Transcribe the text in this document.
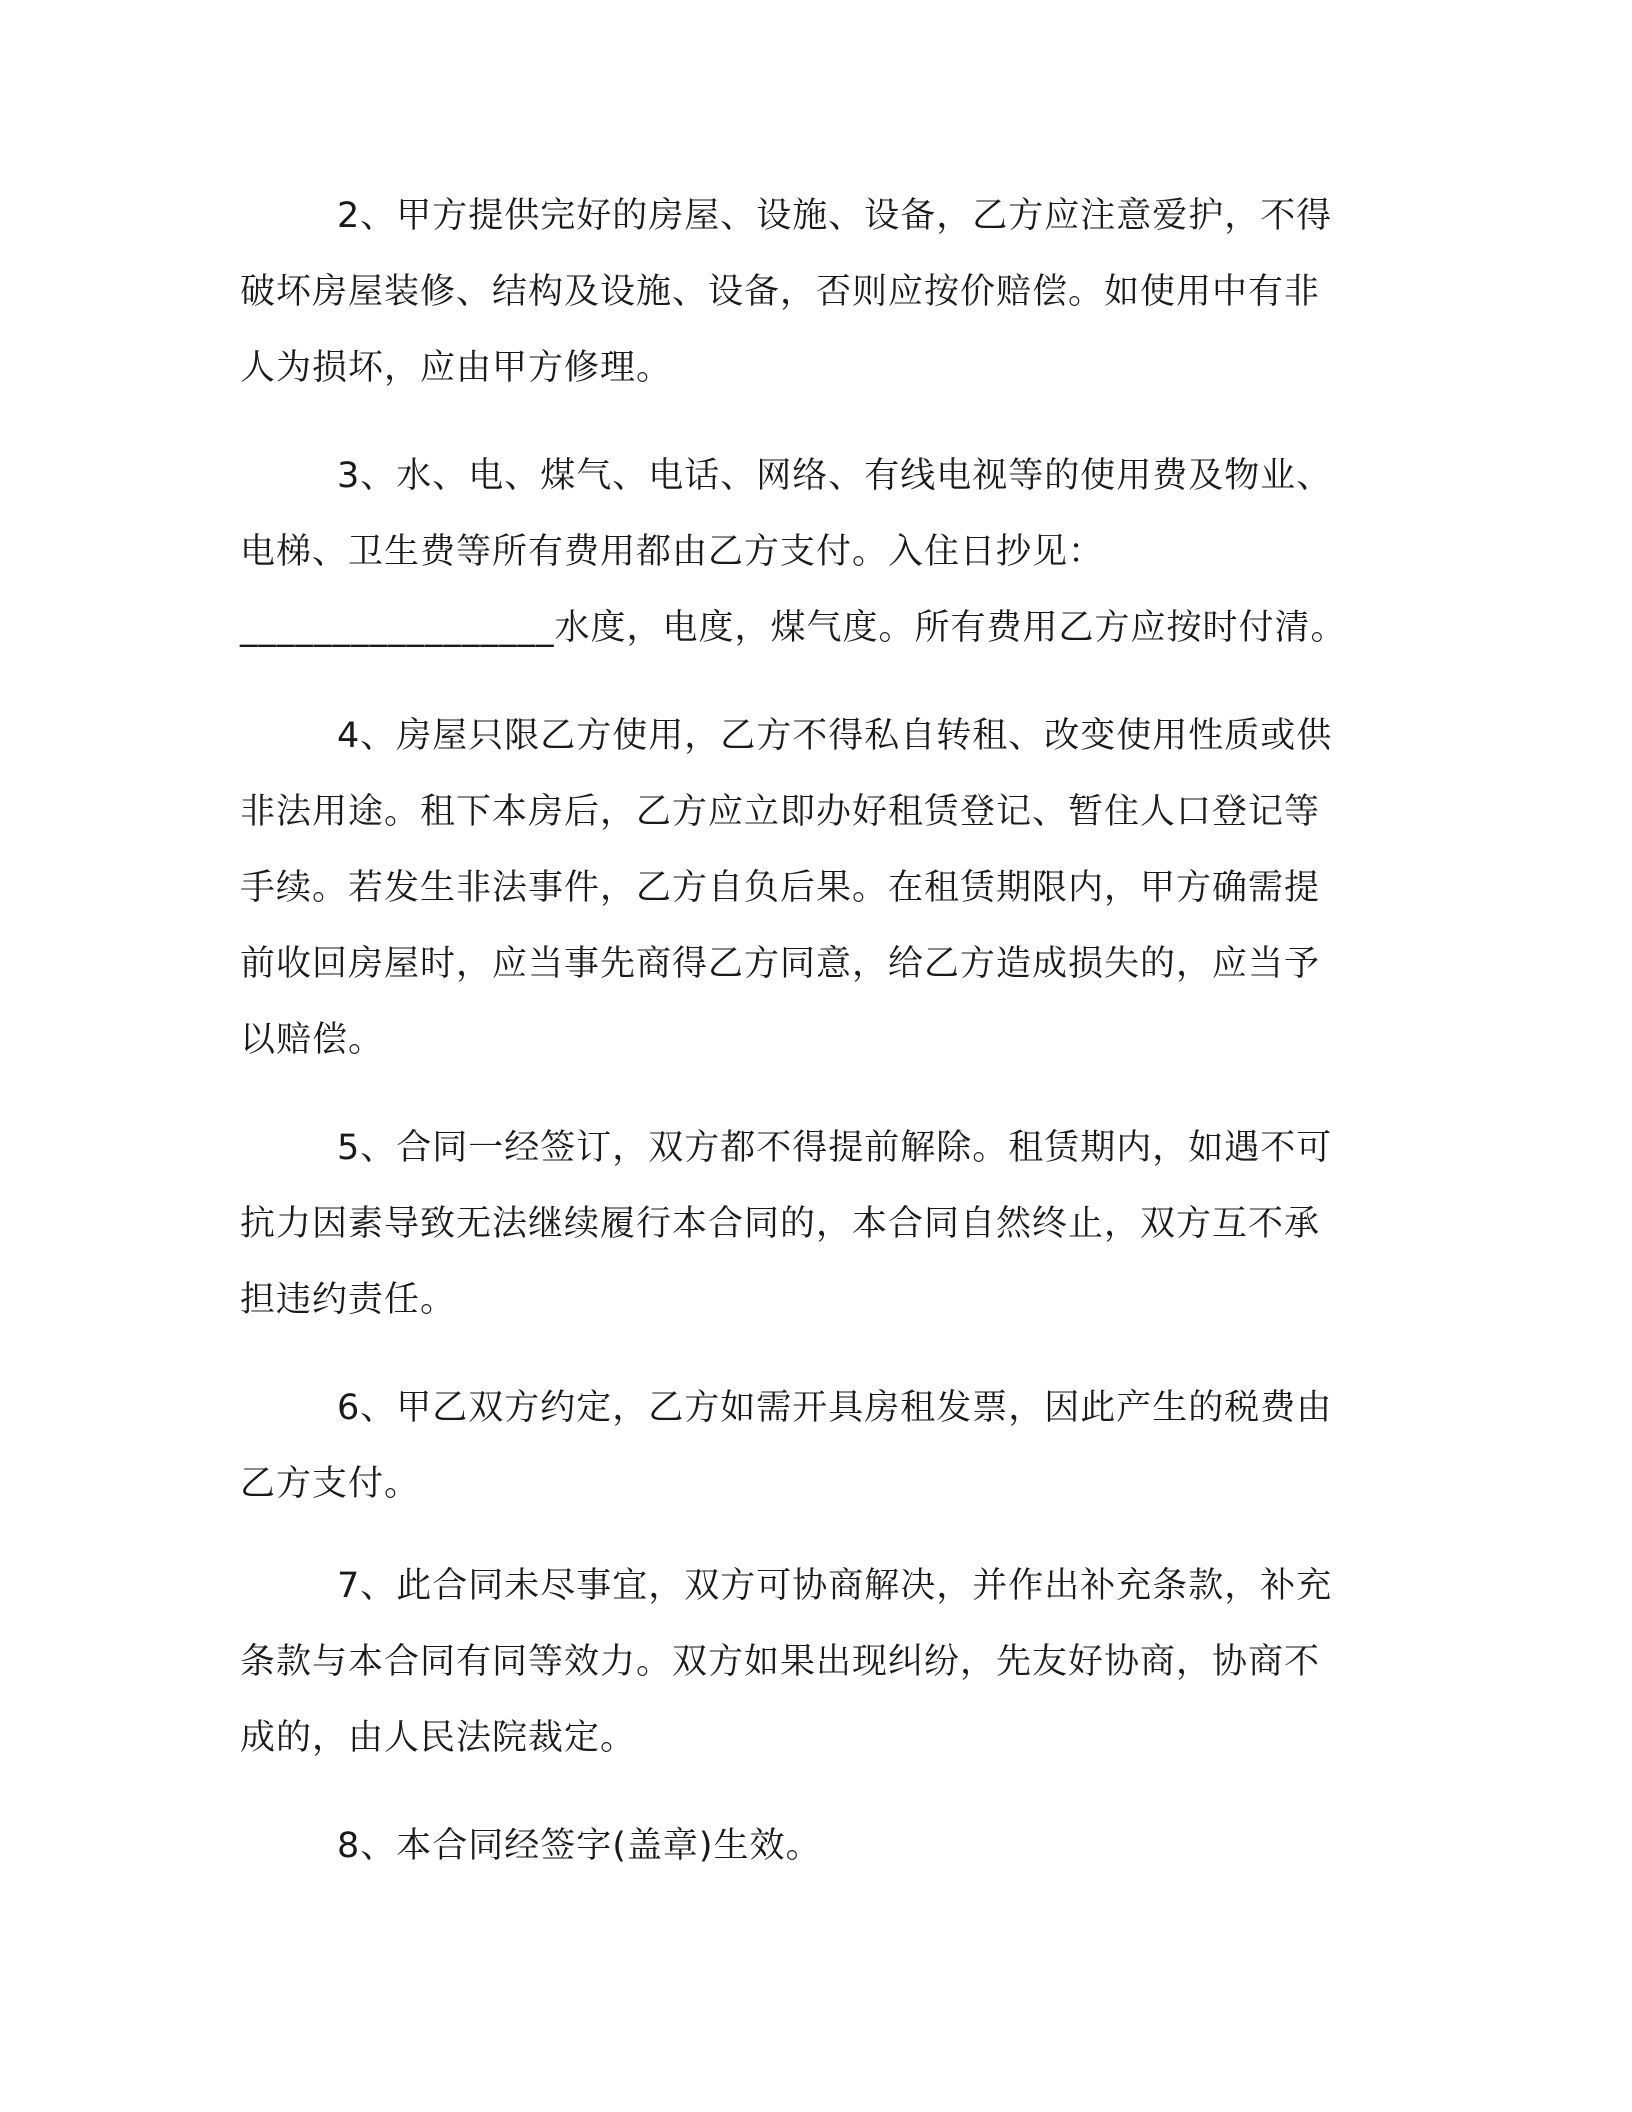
2、甲方提供完好的房屋、设施、设备，乙方应注意爱护，不得
破坏房屋装修、结构及设施、设备，否则应按价赔偿。如使用中有非
人为损坏，应由甲方修理。
3、水、电、煤气、电话、网络、有线电视等的使用费及物业、
电梯、卫生费等所有费用都由乙方支付。入住日抄见：
_________________水度，电度，煤气度。所有费用乙方应按时付清。
4、房屋只限乙方使用，乙方不得私自转租、改变使用性质或供
非法用途。租下本房后，乙方应立即办好租赁登记、暂住人口登记等
手续。若发生非法事件，乙方自负后果。在租赁期限内，甲方确需提
前收回房屋时，应当事先商得乙方同意，给乙方造成损失的，应当予
以赔偿。
5、合同一经签订，双方都不得提前解除。租赁期内，如遇不可
抗力因素导致无法继续履行本合同的，本合同自然终止，双方互不承
担违约责任。
6、甲乙双方约定，乙方如需开具房租发票，因此产生的税费由
乙方支付。
7、此合同未尽事宜，双方可协商解决，并作出补充条款，补充
条款与本合同有同等效力。双方如果出现纠纷，先友好协商，协商不
成的，由人民法院裁定。
8、本合同经签字(盖章)生效。
